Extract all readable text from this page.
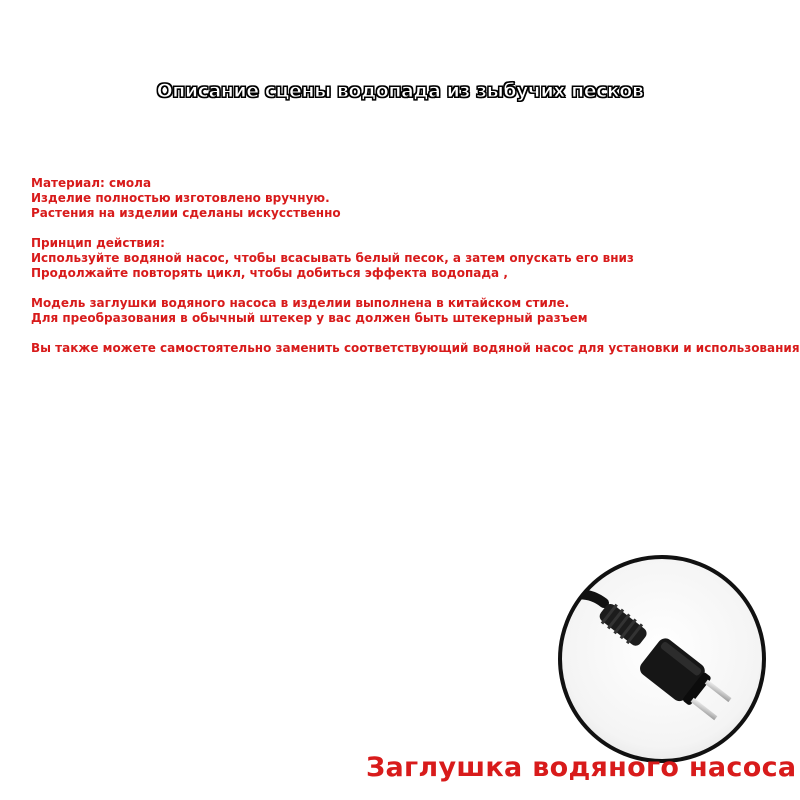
Описание сцены водопада из зыбучих песков

Материал: смола
Изделие полностью изготовлено вручную.
Растения на изделии сделаны искусственно

Принцип действия:
Используйте водяной насос, чтобы всасывать белый песок, а затем опускать его вниз
Продолжайте повторять цикл, чтобы добиться эффекта водопада ,

Модель заглушки водяного насоса в изделии выполнена в китайском стиле.
Для преобразования в обычный штекер у вас должен быть штекерный разъем

Вы также можете самостоятельно заменить соответствующий водяной насос для установки и использования

Заглушка водяного насоса
